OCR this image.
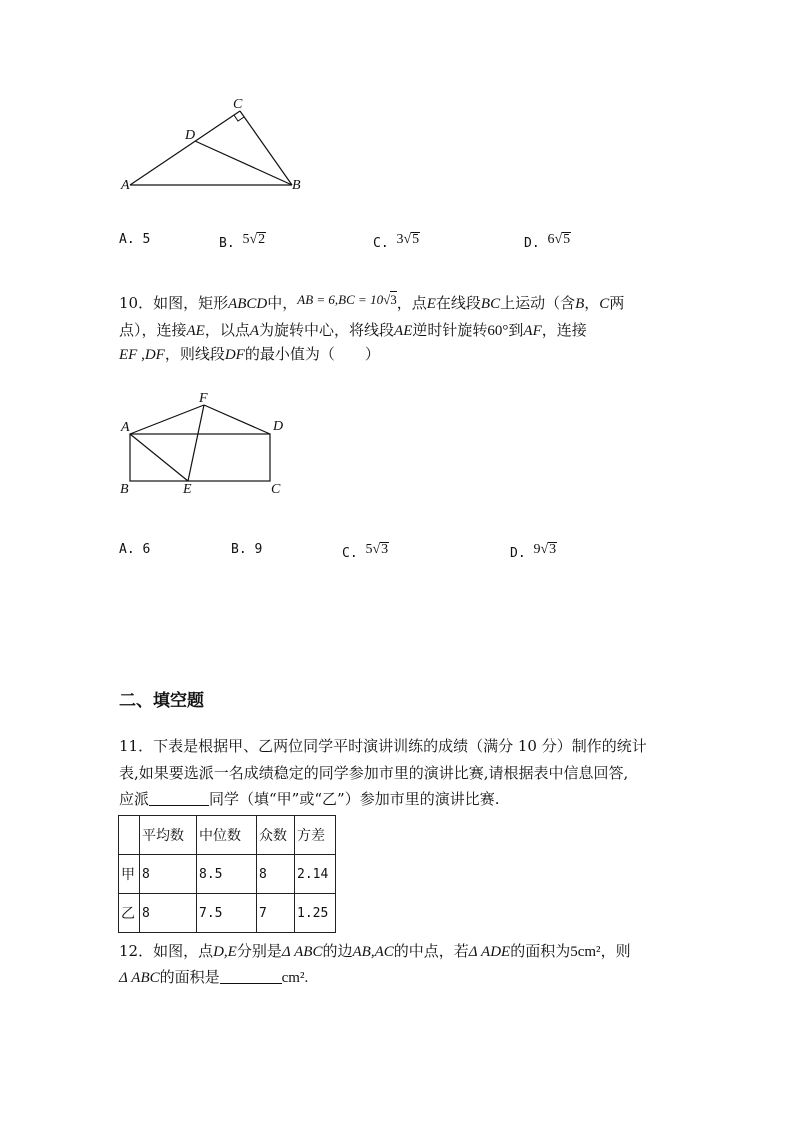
C
D
A	B
A. 5	B. 5√2	C. 3√5	D. 6√5
10．如图，矩形ABCD中，AB = 6,BC = 10√3，点E在线段BC上运动（含B，C两
点），连接AE，以点A为旋转中心，将线段AE逆时针旋转60°到AF，连接
EF ,DF，则线段DF的最小值为（　　）
F
A	D
B	E	C
A. 6	B. 9	C. 5√3	D. 9√3
二、填空题
11．下表是根据甲、乙两位同学平时演讲训练的成绩（满分 10 分）制作的统计
表,如果要选派一名成绩稳定的同学参加市里的演讲比赛,请根据表中信息回答,
应派	同学（填“甲”或“乙”）参加市里的演讲比赛.
	平均数	中位数	众数	方差
甲	8	8.5	8	2.14
乙	8	7.5	7	1.25
12．如图，点D,E分别是Δ ABC的边AB,AC的中点，若Δ ADE的面积为5cm²，则
Δ ABC的面积是	cm².
